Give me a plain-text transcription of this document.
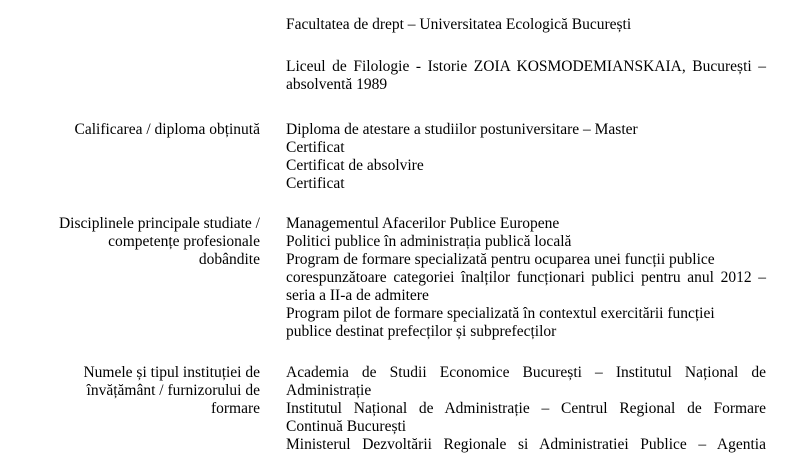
Facultatea de drept – Universitatea Ecologică București
Liceul de Filologie - Istorie ZOIA KOSMODEMIANSKAIA, București –
absolventă 1989
Calificarea / diploma obținută Diploma de atestare a studiilor postuniversitare – Master
Certificat
Certificat de absolvire
Certificat
Disciplinele principale studiate /
competențe profesionale
dobândite
Managementul Afacerilor Publice Europene
Politici publice în administrația publică locală
Program de formare specializată pentru ocuparea unei funcții publice
corespunzătoare categoriei înalților funcționari publici pentru anul 2012 –
seria a II-a de admitere
Program pilot de formare specializată în contextul exercitării funcției
publice destinat prefecților și subprefecților
Numele și tipul instituției de
învățământ / furnizorului de
formare
Academia de Studii Economice București – Institutul Național de
Administrație
Institutul Național de Administrație – Centrul Regional de Formare
Continuă București
Ministerul Dezvoltării Regionale si Administratiei Publice – Agentia
